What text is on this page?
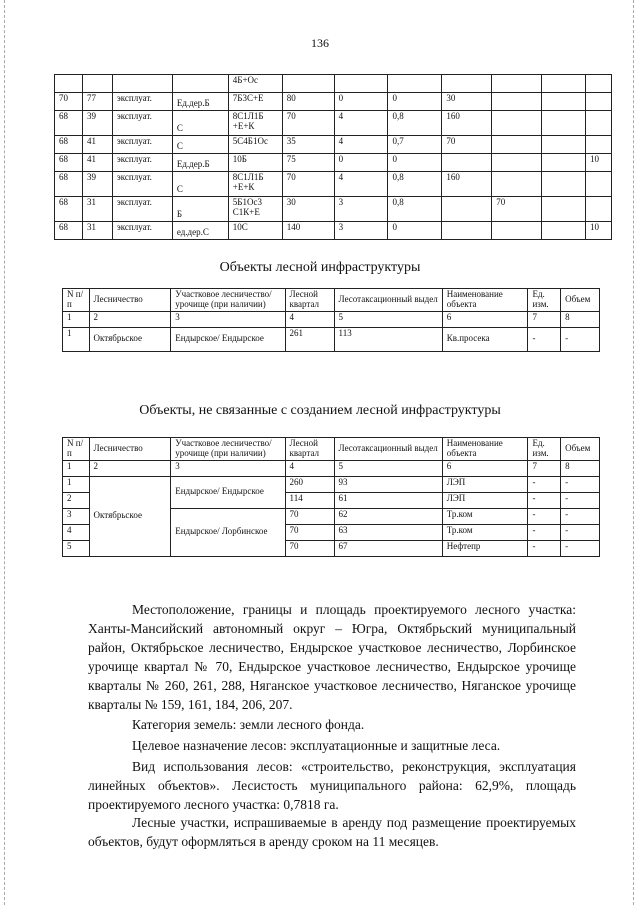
136
				4Б+Ос							
70	77	эксплуат.	Ед.дер.Б	7Б3С+Е	80	0	0	30			
68	39	эксплуат.	С	8С1Л1Б +Е+К	70	4	0,8	160			
68	41	эксплуат.	С	5С4Б1Ос	35	4	0,7	70			
68	41	эксплуат.	Ед.дер.Б	10Б	75	0	0				10
68	39	эксплуат.	С	8С1Л1Б +Е+К	70	4	0,8	160			
68	31	эксплуат.	Б	5Б1Ос3 С1К+Е	30	3	0,8		70		
68	31	эксплуат.	ед.дер.С	10С	140	3	0				10
Объекты лесной инфраструктуры
N п/п	Лесничество	Участковое лесничество/урочище (при наличии)	Лесной квартал	Лесотаксационный выдел	Наименование объекта	Ед. изм.	Объем
1	2	3	4	5	6	7	8
1	Октябрьское	Ендырское/ Ендырское	261	113	Кв.просека	-	-
Объекты, не связанные с созданием лесной инфраструктуры
N п/п	Лесничество	Участковое лесничество/урочище (при наличии)	Лесной квартал	Лесотаксационный выдел	Наименование объекта	Ед. изм.	Объем
1	2	3	4	5	6	7	8
1	Октябрьское	Ендырское/ Ендырское	260	93	ЛЭП	-	-
2			114	61	ЛЭП	-	-
3		Ендырское/ Лорбинское	70	62	Тр.ком	-	-
4			70	63	Тр.ком	-	-
5			70	67	Нефтепр	-	-
Местоположение, границы и площадь проектируемого лесного участка: Ханты-Мансийский автономный округ – Югра, Октябрьский муниципальный район, Октябрьское лесничество, Ендырское участковое лесничество, Лорбинское урочище квартал № 70, Ендырское участковое лесничество, Ендырское урочище кварталы № 260, 261, 288, Няганское участковое лесничество, Няганское урочище кварталы № 159, 161, 184, 206, 207.
Категория земель: земли лесного фонда.
Целевое назначение лесов: эксплуатационные и защитные леса.
Вид использования лесов: «строительство, реконструкция, эксплуатация линейных объектов». Лесистость муниципального района: 62,9%, площадь проектируемого лесного участка: 0,7818 га.
Лесные участки, испрашиваемые в аренду под размещение проектируемых объектов, будут оформляться в аренду сроком на 11 месяцев.
